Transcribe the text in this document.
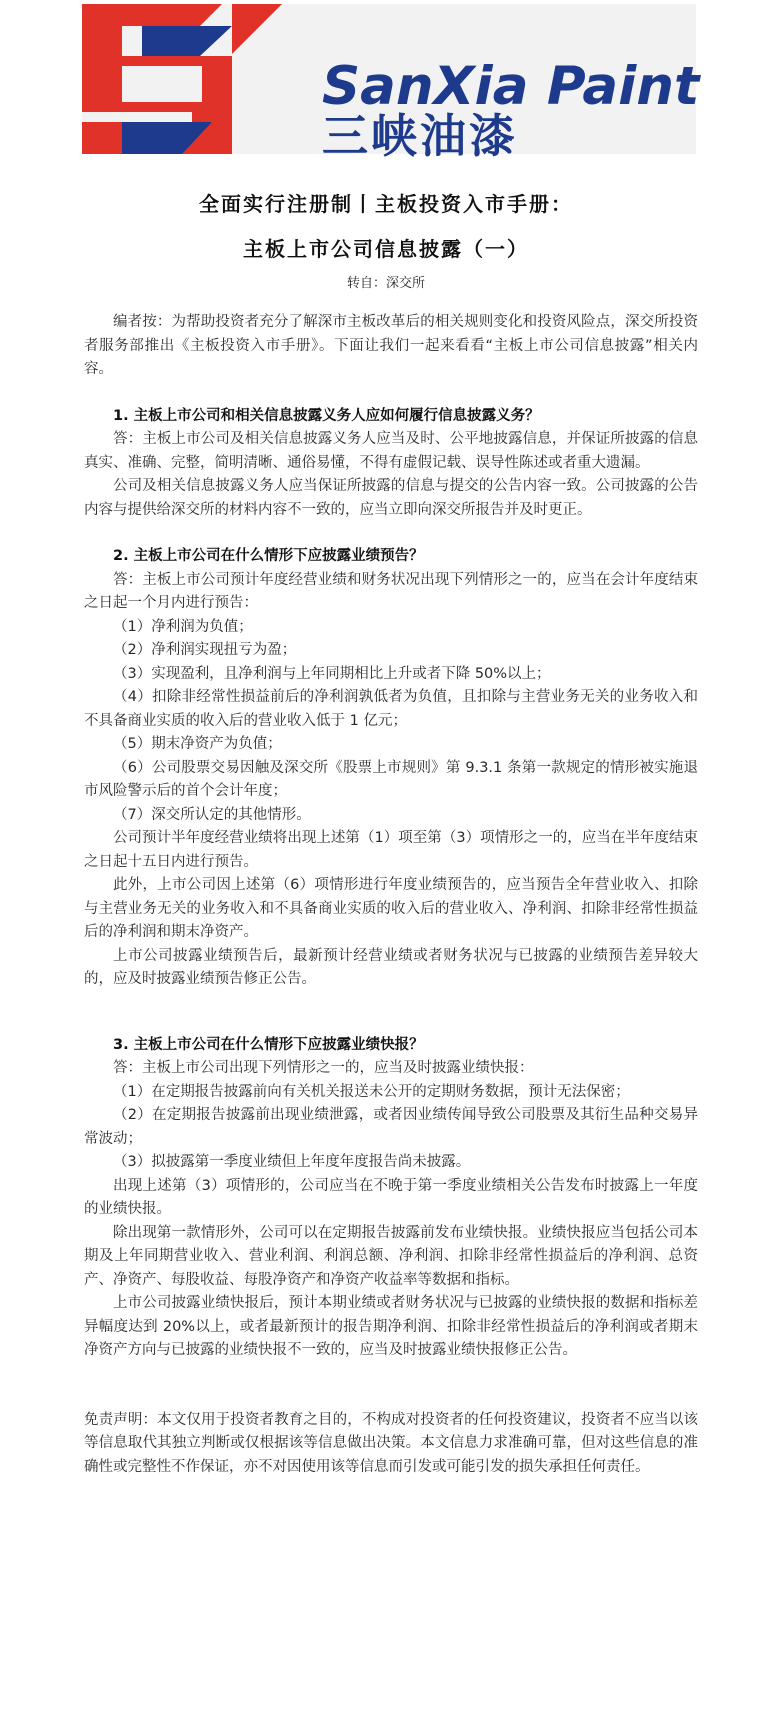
SanXia Paint
三峡油漆
全面实行注册制丨主板投资入市手册：
主板上市公司信息披露（一）
转自：深交所

编者按：为帮助投资者充分了解深市主板改革后的相关规则变化和投资风险点，深交所投资者服务部推出《主板投资入市手册》。下面让我们一起来看看“主板上市公司信息披露”相关内容。

1. 主板上市公司和相关信息披露义务人应如何履行信息披露义务？

答：主板上市公司及相关信息披露义务人应当及时、公平地披露信息，并保证所披露的信息真实、准确、完整，简明清晰、通俗易懂，不得有虚假记载、误导性陈述或者重大遗漏。

公司及相关信息披露义务人应当保证所披露的信息与提交的公告内容一致。公司披露的公告内容与提供给深交所的材料内容不一致的，应当立即向深交所报告并及时更正。

2. 主板上市公司在什么情形下应披露业绩预告？

答：主板上市公司预计年度经营业绩和财务状况出现下列情形之一的，应当在会计年度结束之日起一个月内进行预告：

（1）净利润为负值；

（2）净利润实现扭亏为盈；

（3）实现盈利，且净利润与上年同期相比上升或者下降 50%以上；

（4）扣除非经常性损益前后的净利润孰低者为负值，且扣除与主营业务无关的业务收入和不具备商业实质的收入后的营业收入低于 1 亿元；

（5）期末净资产为负值；

（6）公司股票交易因触及深交所《股票上市规则》第 9.3.1 条第一款规定的情形被实施退市风险警示后的首个会计年度；

（7）深交所认定的其他情形。

公司预计半年度经营业绩将出现上述第（1）项至第（3）项情形之一的，应当在半年度结束之日起十五日内进行预告。

此外，上市公司因上述第（6）项情形进行年度业绩预告的，应当预告全年营业收入、扣除与主营业务无关的业务收入和不具备商业实质的收入后的营业收入、净利润、扣除非经常性损益后的净利润和期末净资产。

上市公司披露业绩预告后，最新预计经营业绩或者财务状况与已披露的业绩预告差异较大的，应及时披露业绩预告修正公告。

3. 主板上市公司在什么情形下应披露业绩快报？

答：主板上市公司出现下列情形之一的，应当及时披露业绩快报：

（1）在定期报告披露前向有关机关报送未公开的定期财务数据，预计无法保密；

（2）在定期报告披露前出现业绩泄露，或者因业绩传闻导致公司股票及其衍生品种交易异常波动；

（3）拟披露第一季度业绩但上年度年度报告尚未披露。

出现上述第（3）项情形的，公司应当在不晚于第一季度业绩相关公告发布时披露上一年度的业绩快报。

除出现第一款情形外，公司可以在定期报告披露前发布业绩快报。业绩快报应当包括公司本期及上年同期营业收入、营业利润、利润总额、净利润、扣除非经常性损益后的净利润、总资产、净资产、每股收益、每股净资产和净资产收益率等数据和指标。

上市公司披露业绩快报后，预计本期业绩或者财务状况与已披露的业绩快报的数据和指标差异幅度达到 20%以上，或者最新预计的报告期净利润、扣除非经常性损益后的净利润或者期末净资产方向与已披露的业绩快报不一致的，应当及时披露业绩快报修正公告。

免责声明：本文仅用于投资者教育之目的，不构成对投资者的任何投资建议，投资者不应当以该等信息取代其独立判断或仅根据该等信息做出决策。本文信息力求准确可靠，但对这些信息的准确性或完整性不作保证，亦不对因使用该等信息而引发或可能引发的损失承担任何责任。
